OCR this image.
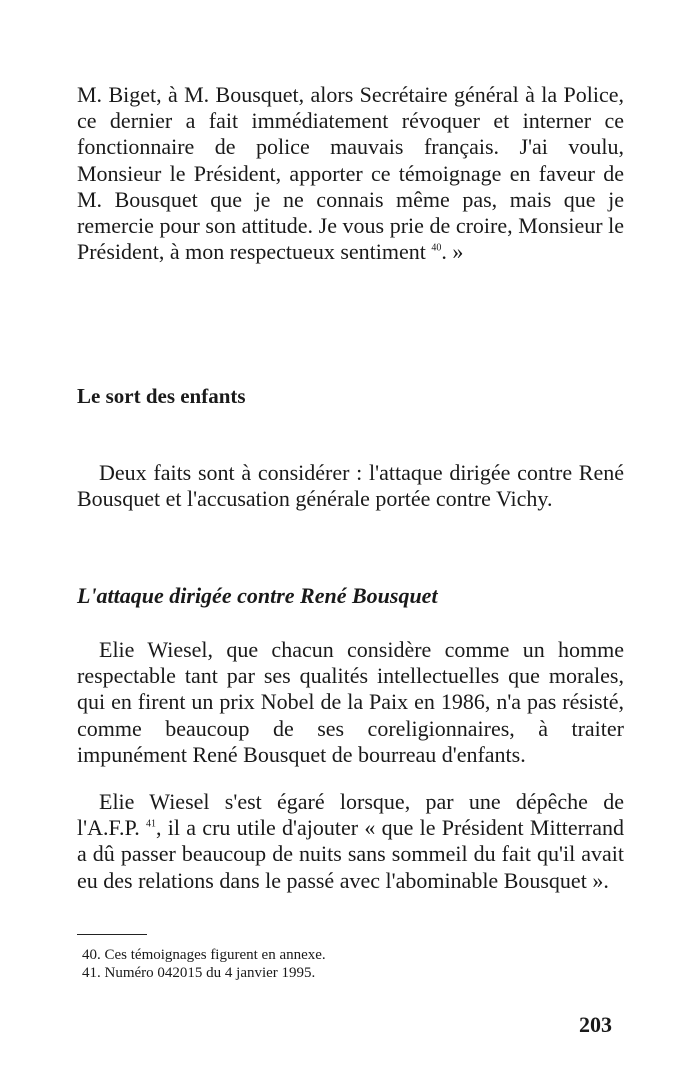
M. Biget, à M. Bousquet, alors Secrétaire général à la Police, ce dernier a fait immédiatement révoquer et interner ce fonctionnaire de police mauvais français. J'ai voulu, Monsieur le Président, apporter ce témoignage en faveur de M. Bousquet que je ne connais même pas, mais que je remercie pour son attitude. Je vous prie de croire, Monsieur le Président, à mon respectueux sentiment $^{40}$. »

Le sort des enfants

Deux faits sont à considérer : l'attaque dirigée contre René Bousquet et l'accusation générale portée contre Vichy.

L'attaque dirigée contre René Bousquet

Elie Wiesel, que chacun considère comme un homme respectable tant par ses qualités intellectuelles que morales, qui en firent un prix Nobel de la Paix en 1986, n'a pas résisté, comme beaucoup de ses coreligionnaires, à traiter impunément René Bousquet de bourreau d'enfants.

Elie Wiesel s'est égaré lorsque, par une dépêche de l'A.F.P. $^{41}$, il a cru utile d'ajouter « que le Président Mitterrand a dû passer beaucoup de nuits sans sommeil du fait qu'il avait eu des relations dans le passé avec l'abominable Bousquet ».

40. Ces témoignages figurent en annexe.
41. Numéro 042015 du 4 janvier 1995.
203
